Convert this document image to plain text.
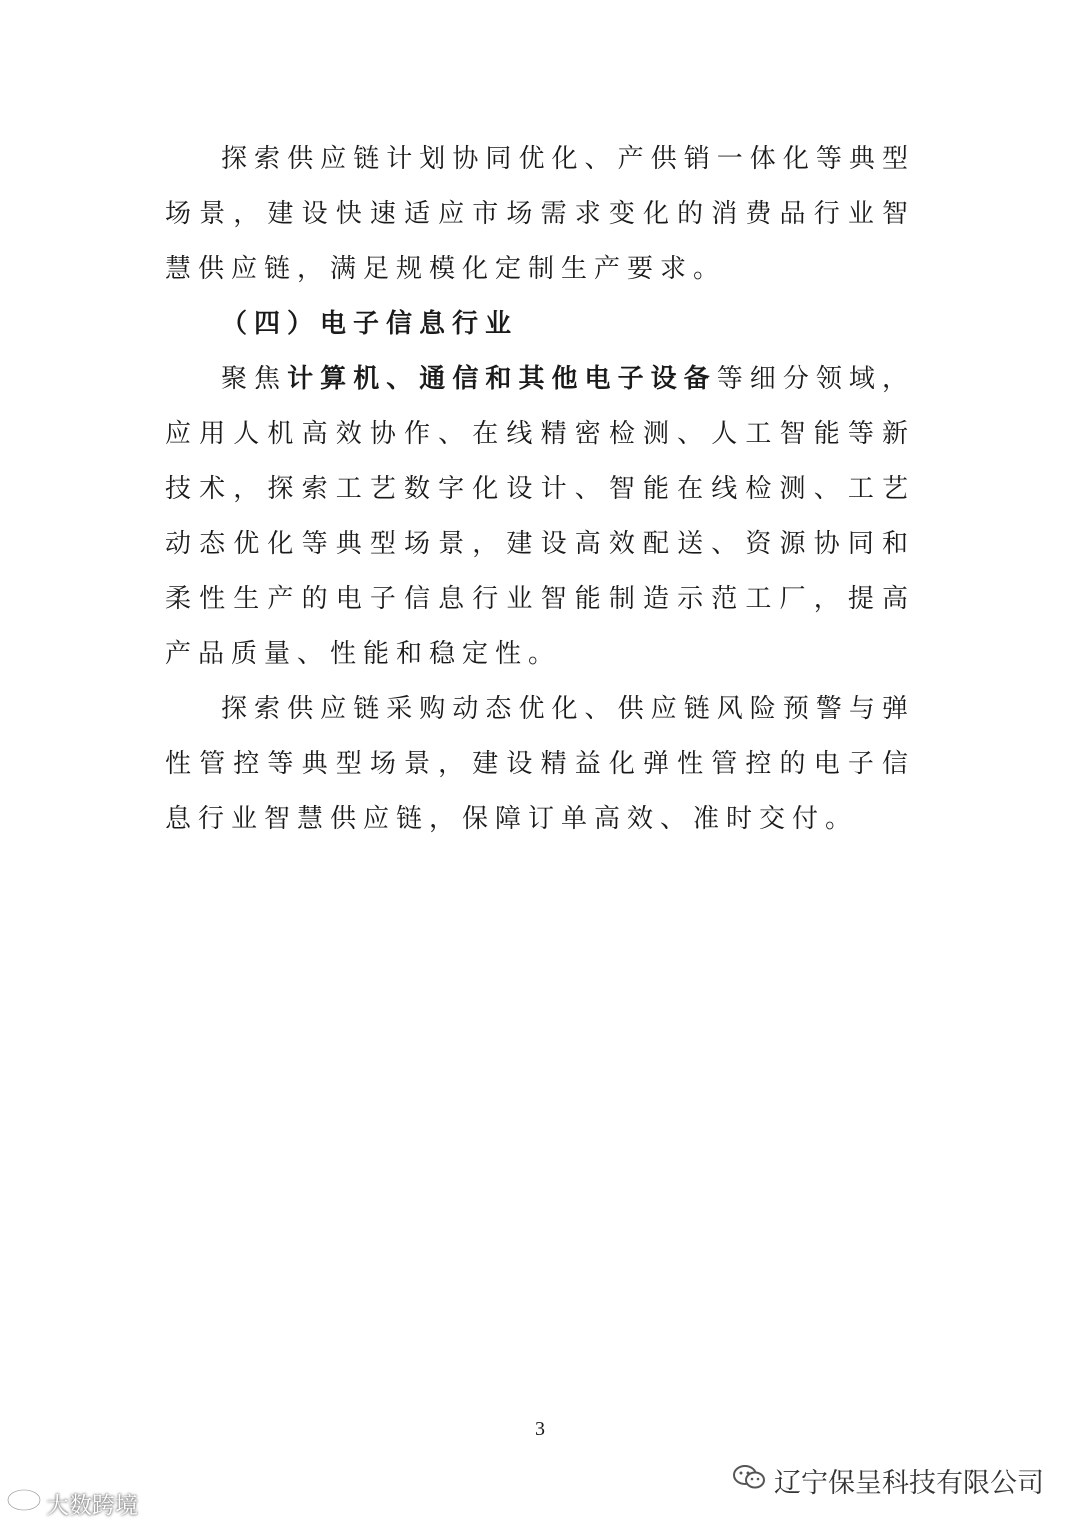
探索供应链计划协同优化、产供销一体化等典型场景，建设快速适应市场需求变化的消费品行业智慧供应链，满足规模化定制生产要求。

（四）电子信息行业

聚焦计算机、通信和其他电子设备等细分领域，应用人机高效协作、在线精密检测、人工智能等新技术，探索工艺数字化设计、智能在线检测、工艺动态优化等典型场景，建设高效配送、资源协同和柔性生产的电子信息行业智能制造示范工厂，提高产品质量、性能和稳定性。

探索供应链采购动态优化、供应链风险预警与弹性管控等典型场景，建设精益化弹性管控的电子信息行业智慧供应链，保障订单高效、准时交付。

3
辽宁保呈科技有限公司
大数跨境
